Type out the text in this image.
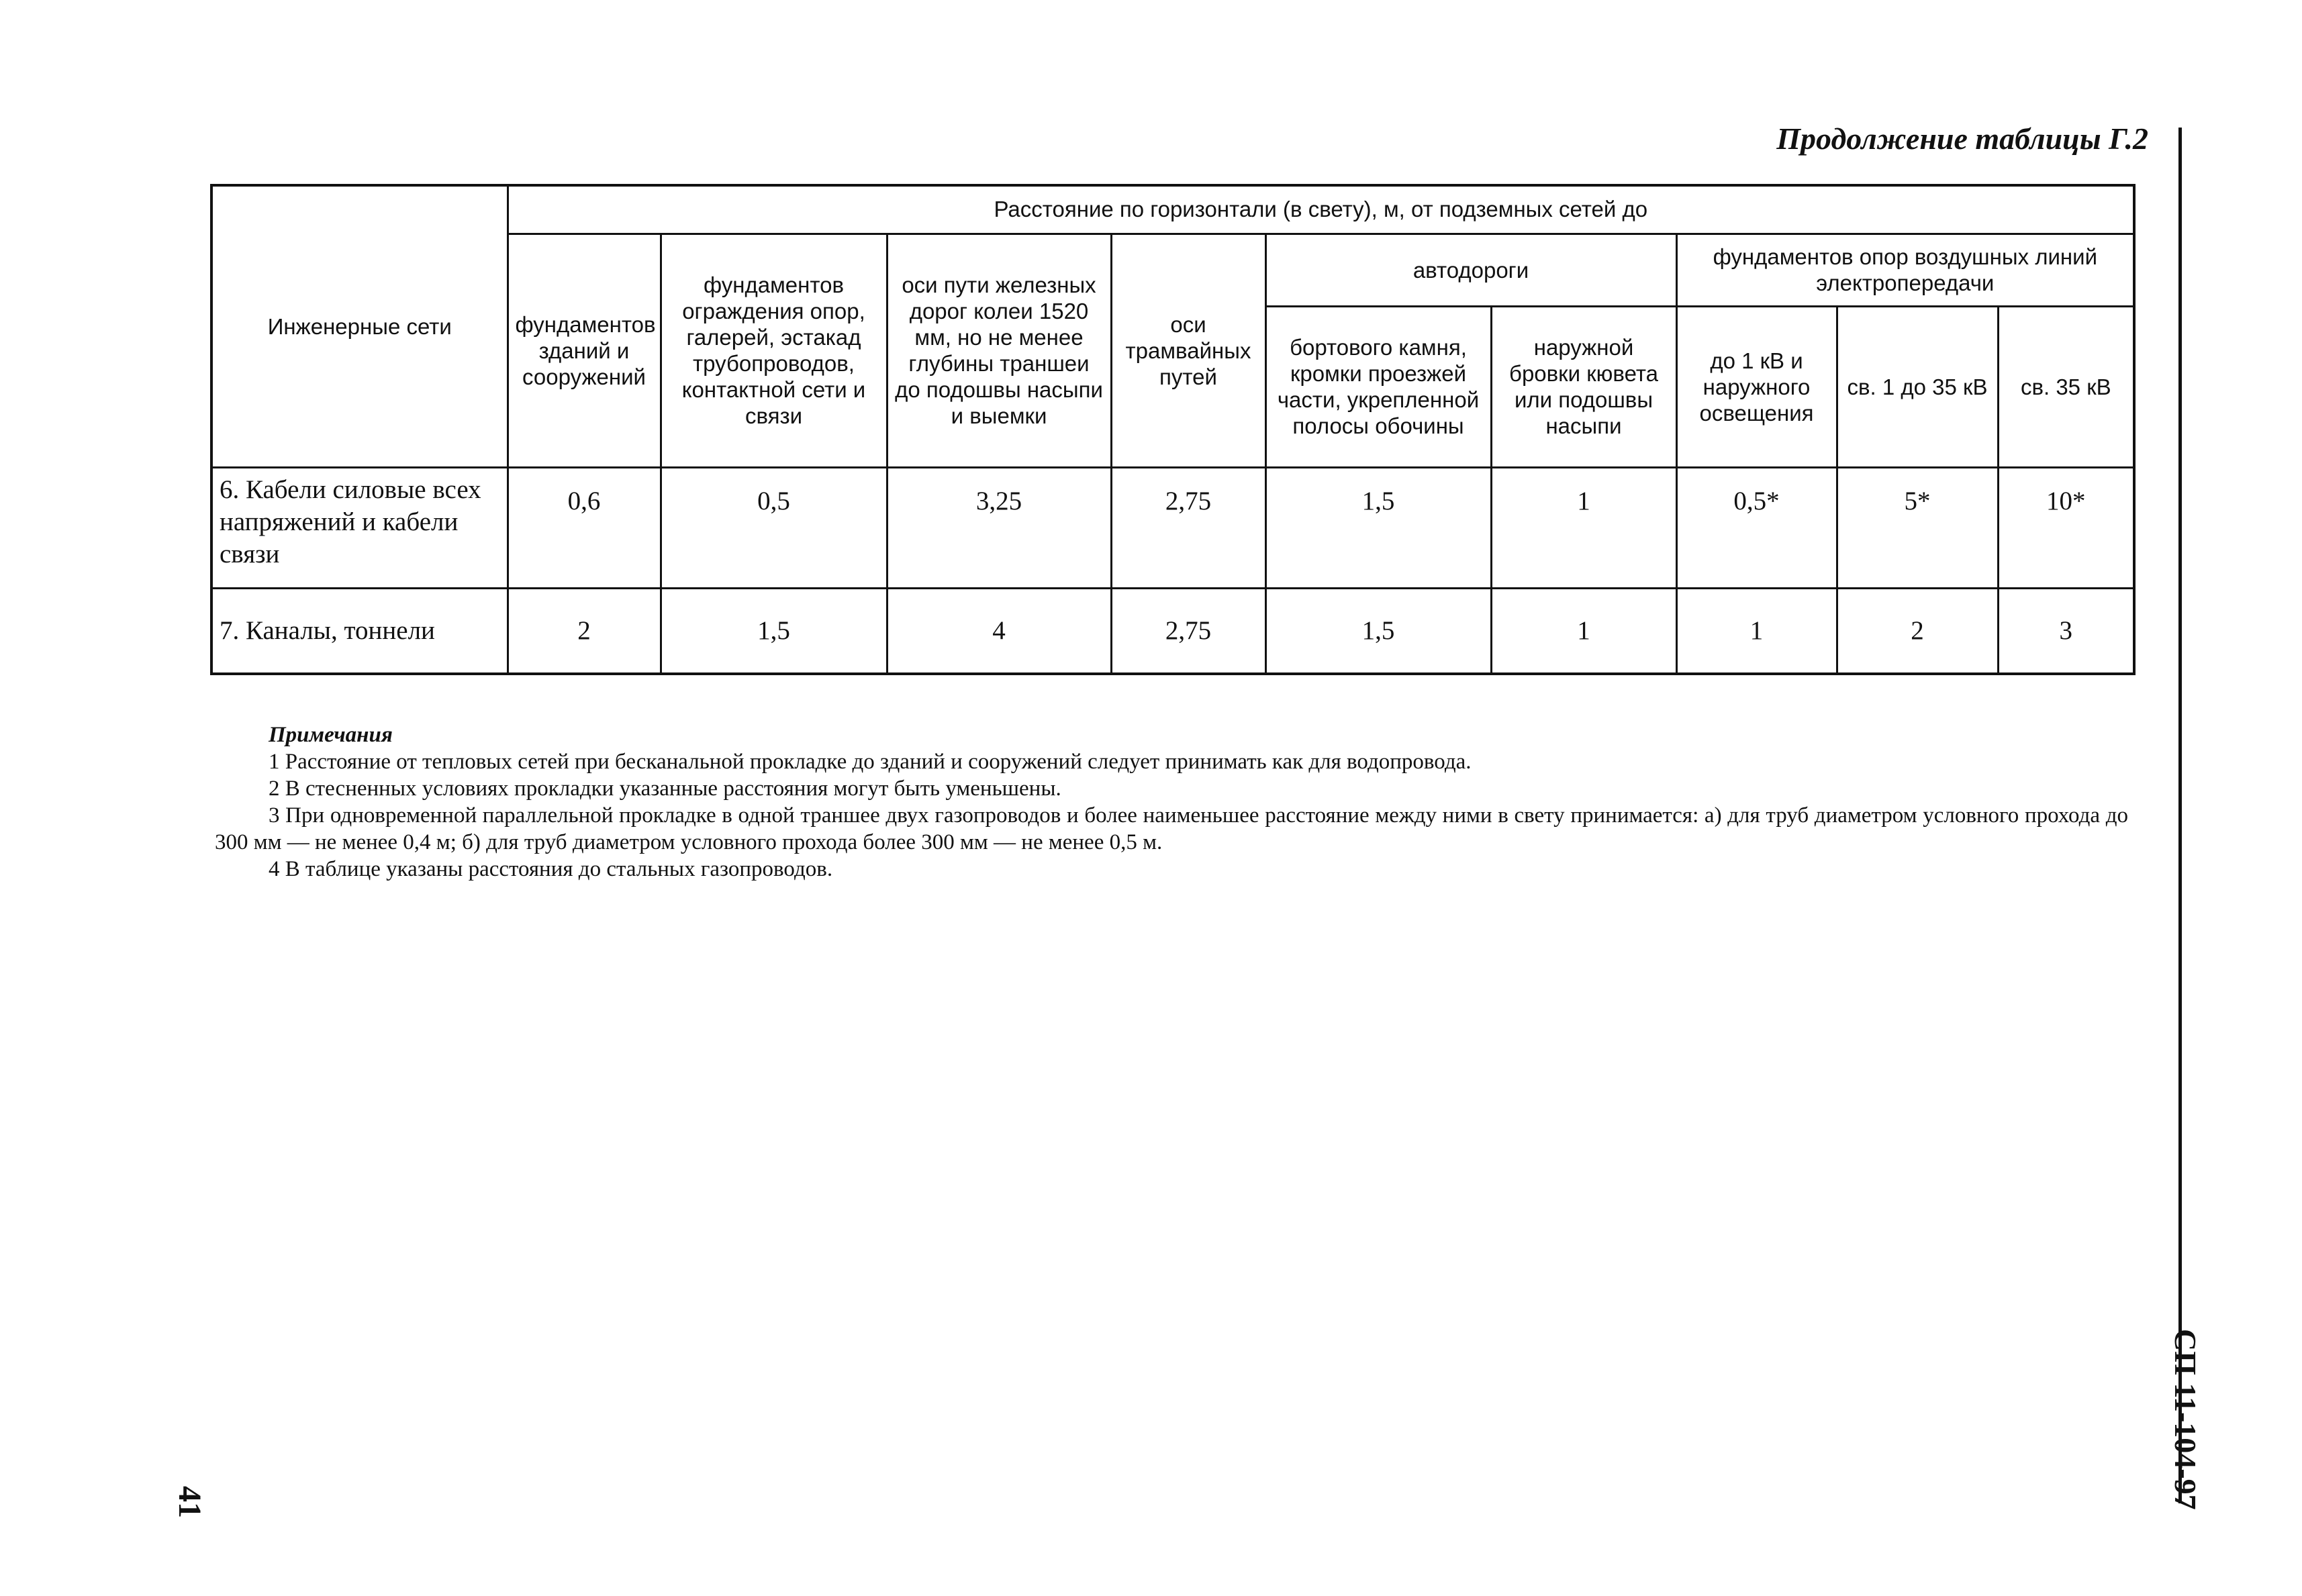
Продолжение таблицы Г.2
СП 11-104-97
41
Инженерные сети	Расстояние по горизонтали (в свету), м, от подземных сетей до								
	фундаментов зданий и сооружений	фундаментов ограждения опор, галерей, эстакад трубопроводов, контактной сети и связи	оси пути железных дорог колеи 1520 мм, но не менее глубины траншеи до подошвы насыпи и выемки	оси трамвайных путей	автодороги		фундаментов опор воздушных линий электропередачи		
					бортового камня, кромки проезжей части, укрепленной полосы обочины	наружной бровки кювета или подошвы насыпи	до 1 кВ и наружного освещения	св. 1 до 35 кВ	св. 35 кВ
6. Кабели силовые всех напряжений и кабели связи	0,6	0,5	3,25	2,75	1,5	1	0,5*	5*	10*
7. Каналы, тоннели	2	1,5	4	2,75	1,5	1	1	2	3
Примечания
1 Расстояние от тепловых сетей при бесканальной прокладке до зданий и сооружений следует принимать как для водопровода.
2 В стесненных условиях прокладки указанные расстояния могут быть уменьшены.
3 При одновременной параллельной прокладке в одной траншее двух газопроводов и более наименьшее расстояние между ними в свету принимается: а) для труб диаметром условного прохода до 300 мм — не менее 0,4 м; б) для труб диаметром условного прохода более 300 мм — не менее 0,5 м.
4 В таблице указаны расстояния до стальных газопроводов.
